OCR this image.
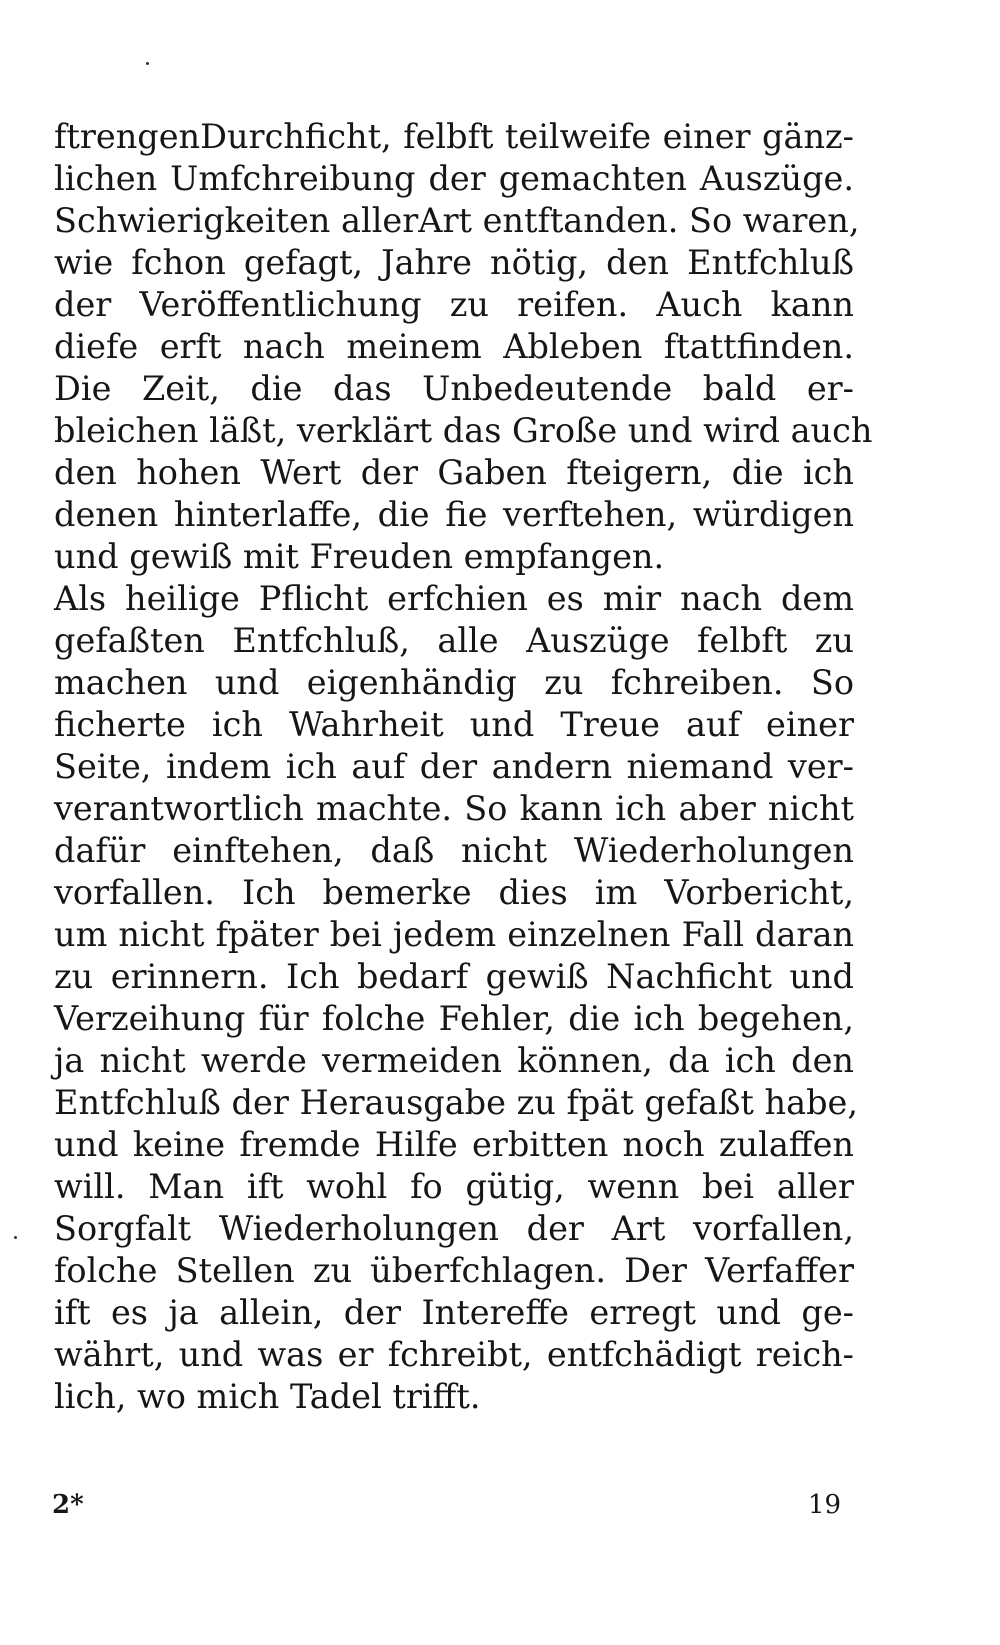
ftrengenDurchficht, felbft teilweife einer gänz-
lichen Umfchreibung der gemachten Auszüge.
Schwierigkeiten allerArt entftanden. So waren,
wie fchon gefagt, Jahre nötig, den Entfchluß
der Veröffentlichung zu reifen. Auch kann
diefe erft nach meinem Ableben ftattfinden.
Die Zeit, die das Unbedeutende bald er-
bleichen läßt, verklärt das Große und wird auch
den hohen Wert der Gaben fteigern, die ich
denen hinterlaffe, die fie verftehen, würdigen
und gewiß mit Freuden empfangen.
Als heilige Pflicht erfchien es mir nach dem
gefaßten Entfchluß, alle Auszüge felbft zu
machen und eigenhändig zu fchreiben. So
ficherte ich Wahrheit und Treue auf einer
Seite, indem ich auf der andern niemand ver-
verantwortlich machte. So kann ich aber nicht
dafür einftehen, daß nicht Wiederholungen
vorfallen. Ich bemerke dies im Vorbericht,
um nicht fpäter bei jedem einzelnen Fall daran
zu erinnern. Ich bedarf gewiß Nachficht und
Verzeihung für folche Fehler, die ich begehen,
ja nicht werde vermeiden können, da ich den
Entfchluß der Herausgabe zu fpät gefaßt habe,
und keine fremde Hilfe erbitten noch zulaffen
will. Man ift wohl fo gütig, wenn bei aller
Sorgfalt Wiederholungen der Art vorfallen,
folche Stellen zu überfchlagen. Der Verfaffer
ift es ja allein, der Intereffe erregt und ge-
währt, und was er fchreibt, entfchädigt reich-
lich, wo mich Tadel trifft.
2*	19
